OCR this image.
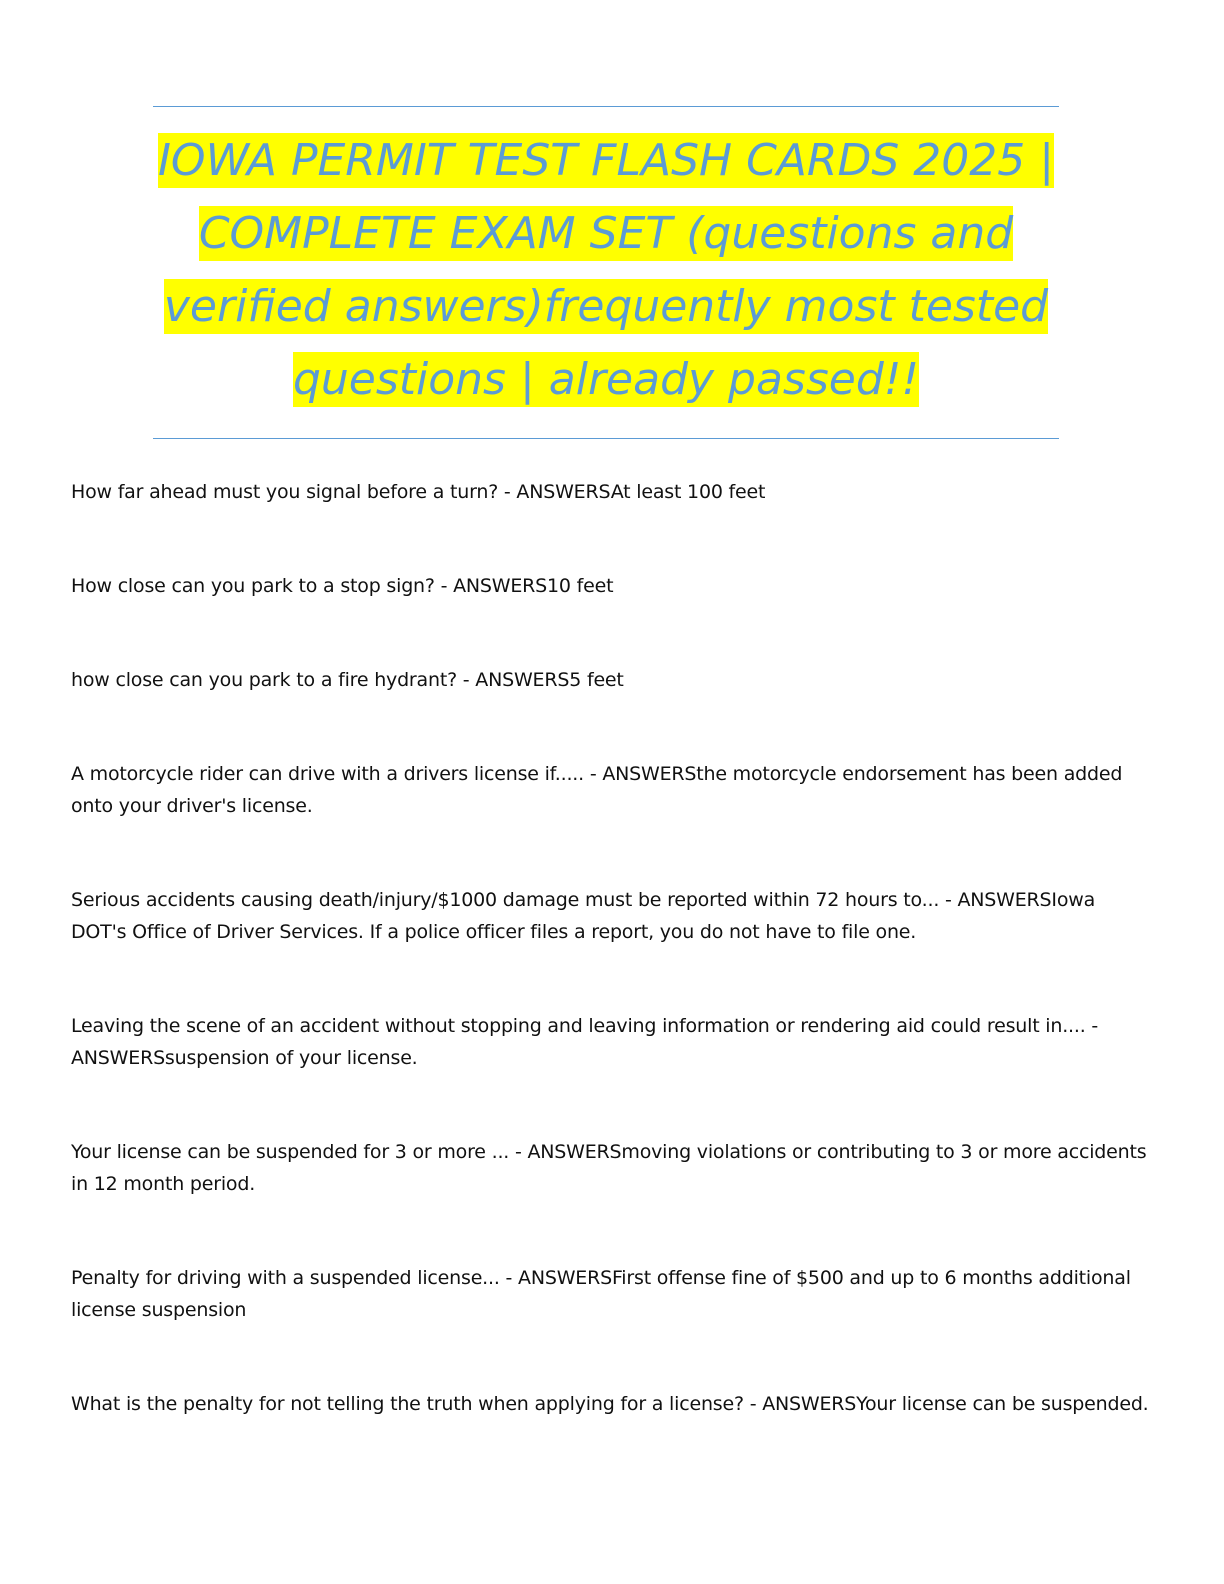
IOWA PERMIT TEST FLASH CARDS 2025 | COMPLETE EXAM SET (questions and verified answers)frequently most tested questions | already passed!!
How far ahead must you signal before a turn? - ANSWERSAt least 100 feet
How close can you park to a stop sign? - ANSWERS10 feet
how close can you park to a fire hydrant? - ANSWERS5 feet
A motorcycle rider can drive with a drivers license if..... - ANSWERSthe motorcycle endorsement has been added onto your driver's license.
Serious accidents causing death/injury/$1000 damage must be reported within 72 hours to... - ANSWERSIowa DOT's Office of Driver Services. If a police officer files a report, you do not have to file one.
Leaving the scene of an accident without stopping and leaving information or rendering aid could result in.... - ANSWERSsuspension of your license.
Your license can be suspended for 3 or more ... - ANSWERSmoving violations or contributing to 3 or more accidents in 12 month period.
Penalty for driving with a suspended license... - ANSWERSFirst offense fine of $500 and up to 6 months additional license suspension
What is the penalty for not telling the truth when applying for a license? - ANSWERSYour license can be suspended.
